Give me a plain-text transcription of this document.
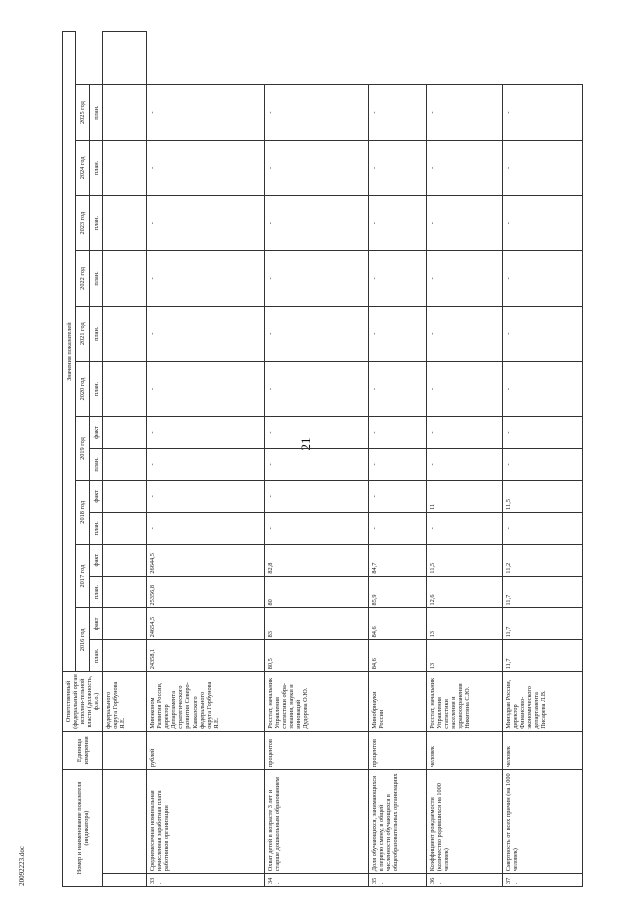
21
20092223.doc	Номер и наименование показателя (индикатора)		Единица измерения	Ответственный (федеральный орган исполни-тельной власти (должность, ф.и.о.)	Значения показателей														
				2016 год		2017 год		2018 год		2019 год		2020 год	2021 год	2022 год	2023 год	2024 год	2025 год	
				план.	факт	план.	факт	план.	факт	план.	факт	план.	план.	план.	план.	план.	план.	
			федерального округа Горбунова Я.Е.															
33.	Среднемесячная номинальная начисленная заработная плата работников организации	рублей	Минэконом Развития России, директор Департамента стратегического развития Северо-Кавказского федерального округа Горбунова Я.Е.	24358,1	24654,5	25356,8	26644,5	-	-	-	-	-	-	-	-	-	-	
34.	Охват детей в возрасте 3 лет и старше дошкольным образованием	процентов	Росстат, начальник Управления статистики обра-зования, науки и инноваций Дудорова О.Ю.	80,5	83	80	82,8	-	-	-	-	-	-	-	-	-	-	
35.	Доля обучающихся, занимающихся в первую смену, в общей численности обучающихся в общеобразовательных организациях	процентов	Минобрнауки России	84,6	84,6	85,9	84,7	-	-	-	-	-	-	-	-	-	-	
36.	Коэффициент рождаемости (количество родившихся на 1000 человек)	человек	Росстат, начальник Управления статистики населения и здравоохранения Никитина С.Ю.	13	13	12,6	11,5	-	11	-	-	-	-	-	-	-	-	
37.	Смертность от всех причин (на 1000 человек)	человек	Минздрав России, директор Финансово-экономического департамента Писарева Л.В.	11,7	11,7	11,7	11,2	-	11,5	-	-	-	-	-	-	-	-	
